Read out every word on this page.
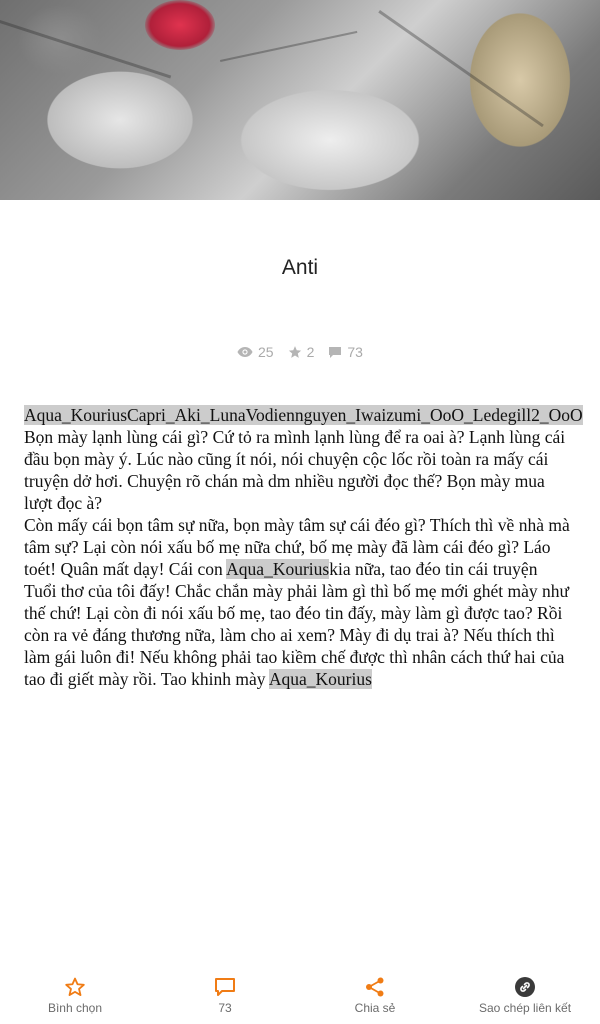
Anti
25 2 73

Aqua_KouriusCapri_Aki_LunaVodiennguyen_Iwaizumi_OoO_Ledegill2_OoO

Bọn mày lạnh lùng cái gì? Cứ tỏ ra mình lạnh lùng để ra oai à? Lạnh lùng cái đầu bọn mày ý. Lúc nào cũng ít nói, nói chuyện cộc lốc rồi toàn ra mấy cái truyện dở hơi. Chuyện rõ chán mà dm nhiều người đọc thế? Bọn mày mua lượt đọc à?

Còn mấy cái bọn tâm sự nữa, bọn mày tâm sự cái đéo gì? Thích thì về nhà mà tâm sự? Lại còn nói xấu bố mẹ nữa chứ, bố mẹ mày đã làm cái đéo gì? Láo toét! Quân mất dạy! Cái con Aqua_Kouriuskia nữa, tao đéo tin cái truyện Tuổi thơ của tôi đấy! Chắc chắn mày phải làm gì thì bố mẹ mới ghét mày như thế chứ! Lại còn đi nói xấu bố mẹ, tao đéo tin đấy, mày làm gì được tao? Rồi còn ra vẻ đáng thương nữa, làm cho ai xem? Mày đi dụ trai à? Nếu thích thì làm gái luôn đi! Nếu không phải tao kiềm chế được thì nhân cách thứ hai của tao đi giết mày rồi. Tao khinh mày Aqua_Kourius

Bình chọn	73	Chia sẻ	Sao chép liên kết
